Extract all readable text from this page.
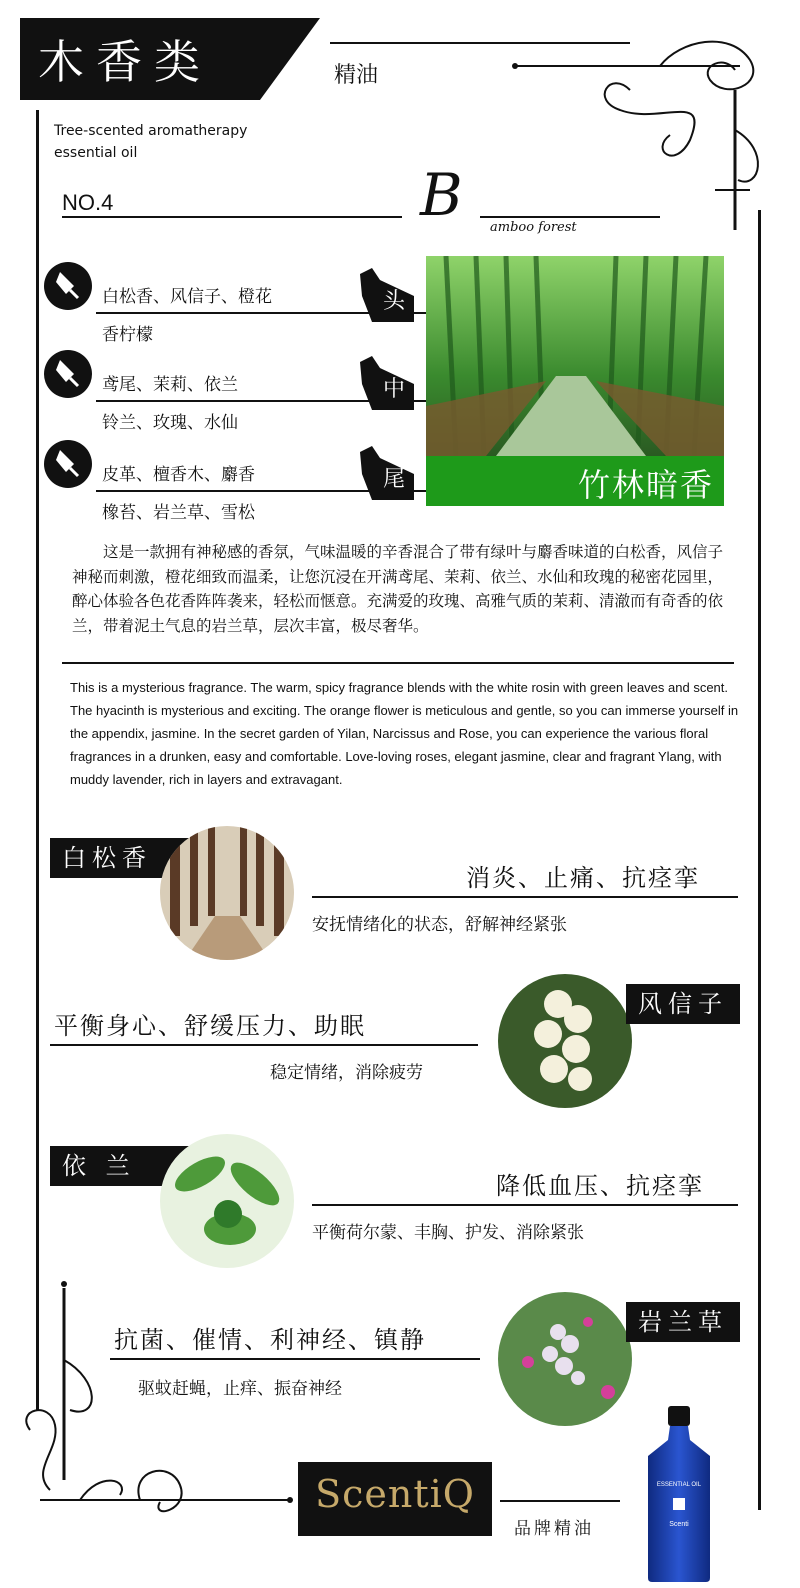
木香类	精油
Tree-scented aromatherapy
essential oil
NO.4	B amboo forest
白松香、风信子、橙花
香柠檬
头
鸢尾、茉莉、依兰
铃兰、玫瑰、水仙
中
皮革、檀香木、麝香
橡苔、岩兰草、雪松
尾	竹林暗香
这是一款拥有神秘感的香氛，气味温暖的辛香混合了带有绿叶与麝香味道的白松香，风信子神秘而刺激，橙花细致而温柔，让您沉浸在开满鸢尾、茉莉、依兰、水仙和玫瑰的秘密花园里，醉心体验各色花香阵阵袭来，轻松而惬意。充满爱的玫瑰、高雅气质的茉莉、清澈而有奇香的依兰，带着泥土气息的岩兰草，层次丰富，极尽奢华。
This is a mysterious fragrance. The warm, spicy fragrance blends with the white rosin with green leaves and scent. The hyacinth is mysterious and exciting. The orange flower is meticulous and gentle, so you can immerse yourself in the appendix, jasmine. In the secret garden of Yilan, Narcissus and Rose, you can experience the various floral fragrances in a drunken, easy and comfortable. Love-loving roses, elegant jasmine, clear and fragrant Ylang, with muddy lavender, rich in layers and extravagant.
白松香
消炎、止痛、抗痉挛
安抚情绪化的状态，舒解神经紧张
平衡身心、舒缓压力、助眠
稳定情绪，消除疲劳
风信子
依 兰
降低血压、抗痉挛
平衡荷尔蒙、丰胸、护发、消除紧张
抗菌、催情、利神经、镇静
驱蚊赶蝇，止痒、振奋神经
岩兰草
ScentiQ
品牌精油
ESSENTIAL OIL
Scenti
